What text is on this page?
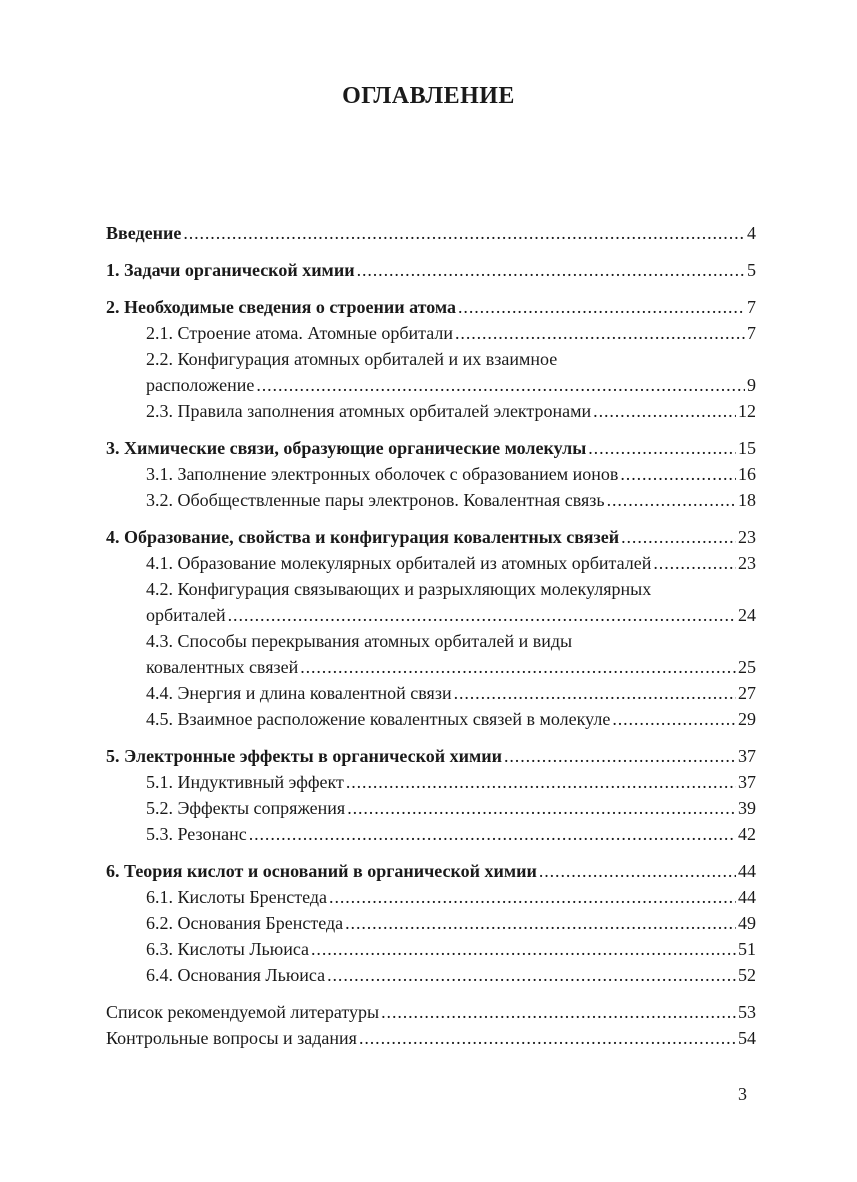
ОГЛАВЛЕНИЕ
Введение .....	4
1. Задачи органической химии .....	5
2. Необходимые сведения о строении атома .....	7
2.1. Строение атома. Атомные орбитали .....	7
2.2. Конфигурация атомных орбиталей и их взаимное
расположение .....	9
2.3. Правила заполнения атомных орбиталей электронами .....	12
3. Химические связи, образующие органические молекулы .....	15
3.1. Заполнение электронных оболочек с образованием ионов .....	16
3.2. Обобществленные пары электронов. Ковалентная связь .....	18
4. Образование, свойства и конфигурация ковалентных связей .....	23
4.1. Образование молекулярных орбиталей из атомных орбиталей .....	23
4.2. Конфигурация связывающих и разрыхляющих молекулярных
орбиталей .....	24
4.3. Способы перекрывания атомных орбиталей и виды
ковалентных связей .....	25
4.4. Энергия и длина ковалентной связи .....	27
4.5. Взаимное расположение ковалентных связей в молекуле .....	29
5. Электронные эффекты в органической химии .....	37
5.1. Индуктивный эффект .....	37
5.2. Эффекты сопряжения .....	39
5.3. Резонанс .....	42
6. Теория кислот и оснований в органической химии .....	44
6.1. Кислоты Бренстеда .....	44
6.2. Основания Бренстеда .....	49
6.3. Кислоты Льюиса .....	51
6.4. Основания Льюиса .....	52
Список рекомендуемой литературы .....	53
Контрольные вопросы и задания .....	54
3
